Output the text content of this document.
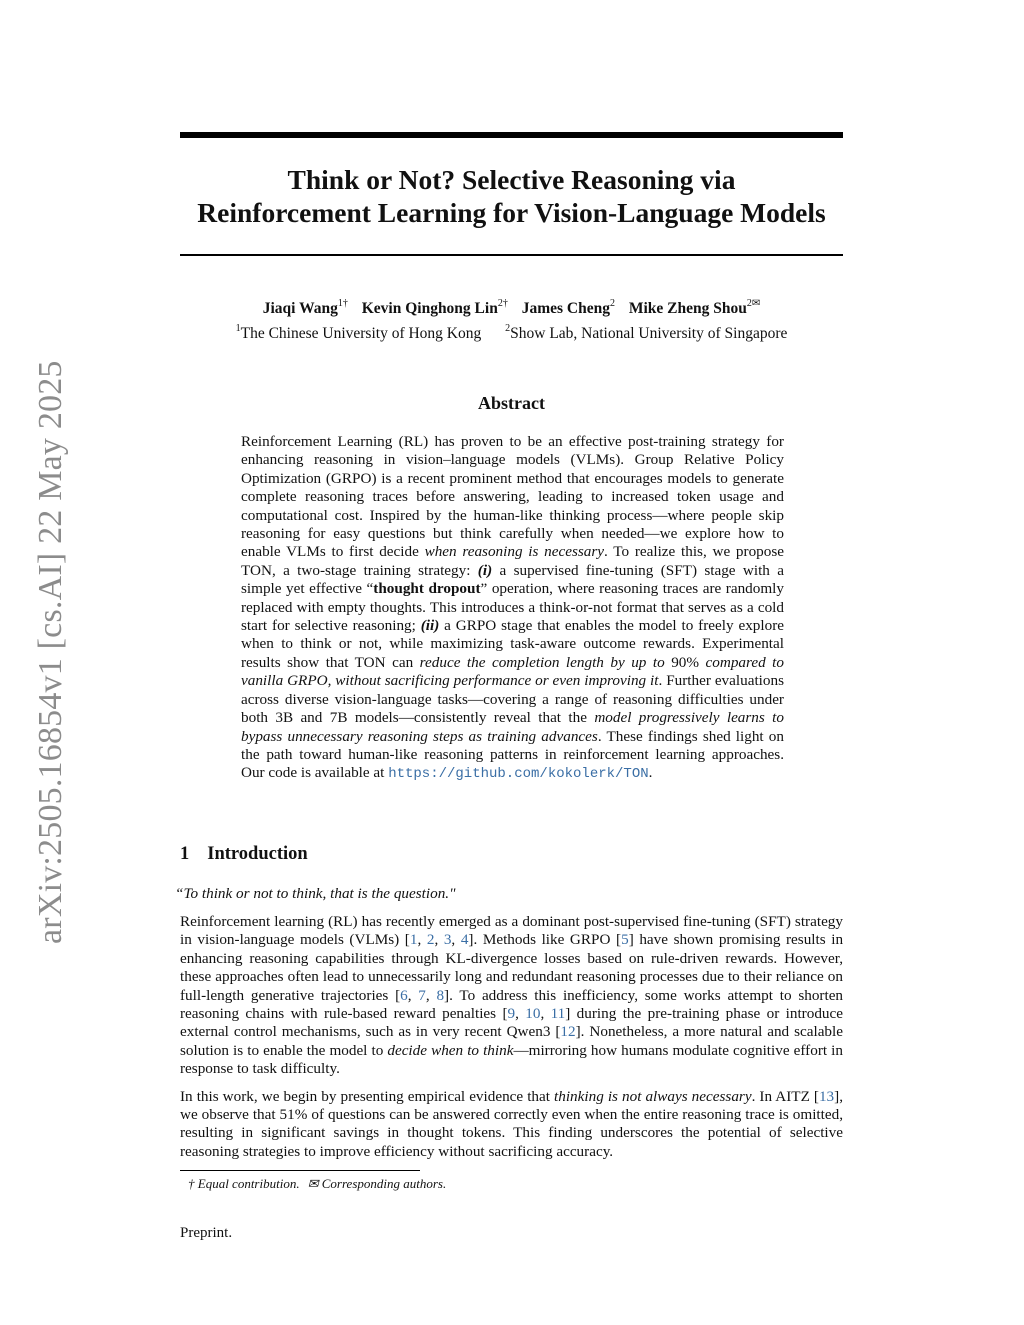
arXiv:2505.16854v1 [cs.AI] 22 May 2025
Think or Not? Selective Reasoning via
Reinforcement Learning for Vision-Language Models
Jiaqi Wang$^{1\dagger}$ Kevin Qinghong Lin$^{2\dagger}$ James Cheng$^2$ Mike Zheng Shou$^{2✉}$
$^1$The Chinese University of Hong Kong $^2$Show Lab, National University of Singapore
Abstract

Reinforcement Learning (RL) has proven to be an effective post-training strategy for enhancing reasoning in vision–language models (VLMs). Group Relative Policy Optimization (GRPO) is a recent prominent method that encourages models to generate complete reasoning traces before answering, leading to increased token usage and computational cost. Inspired by the human-like thinking process—where people skip reasoning for easy questions but think carefully when needed—we explore how to enable VLMs to first decide when reasoning is necessary. To realize this, we propose TON, a two-stage training strategy: (i) a supervised fine-tuning (SFT) stage with a simple yet effective “thought dropout” operation, where reasoning traces are randomly replaced with empty thoughts. This introduces a think-or-not format that serves as a cold start for selective reasoning; (ii) a GRPO stage that enables the model to freely explore when to think or not, while maximizing task-aware outcome rewards. Experimental results show that TON can reduce the completion length by up to 90% compared to vanilla GRPO, without sacrificing performance or even improving it. Further evaluations across diverse vision-language tasks—covering a range of reasoning difficulties under both 3B and 7B models—consistently reveal that the model progressively learns to bypass unnecessary reasoning steps as training advances. These findings shed light on the path toward human-like reasoning patterns in reinforcement learning approaches. Our code is available at https://github.com/kokolerk/TON.

1 Introduction
“To think or not to think, that is the question."

Reinforcement learning (RL) has recently emerged as a dominant post-supervised fine-tuning (SFT) strategy in vision-language models (VLMs) [1, 2, 3, 4]. Methods like GRPO [5] have shown promising results in enhancing reasoning capabilities through KL-divergence losses based on rule-driven rewards. However, these approaches often lead to unnecessarily long and redundant reasoning processes due to their reliance on full-length generative trajectories [6, 7, 8]. To address this inefficiency, some works attempt to shorten reasoning chains with rule-based reward penalties [9, 10, 11] during the pre-training phase or introduce external control mechanisms, such as in very recent Qwen3 [12]. Nonetheless, a more natural and scalable solution is to enable the model to decide when to think—mirroring how humans modulate cognitive effort in response to task difficulty.

In this work, we begin by presenting empirical evidence that thinking is not always necessary. In AITZ [13], we observe that 51% of questions can be answered correctly even when the entire reasoning trace is omitted, resulting in significant savings in thought tokens. This finding underscores the potential of selective reasoning strategies to improve efficiency without sacrificing accuracy.

† Equal contribution. ✉ Corresponding authors.
Preprint.
